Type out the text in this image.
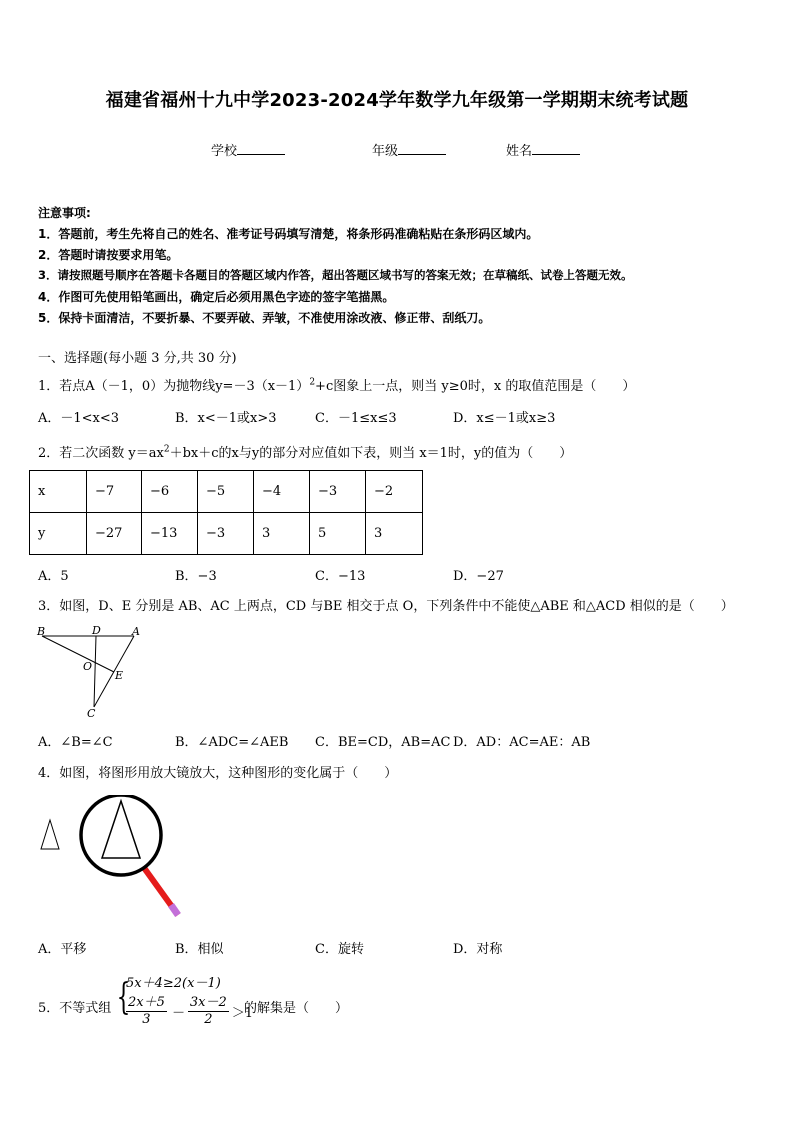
福建省福州十九中学2023-2024学年数学九年级第一学期期末统考试题
学校	年级	姓名
注意事项:
1．答题前，考生先将自己的姓名、准考证号码填写清楚，将条形码准确粘贴在条形码区域内。
2．答题时请按要求用笔。
3．请按照题号顺序在答题卡各题目的答题区域内作答，超出答题区域书写的答案无效；在草稿纸、试卷上答题无效。
4．作图可先使用铅笔画出，确定后必须用黑色字迹的签字笔描黑。
5．保持卡面清洁，不要折暴、不要弄破、弄皱，不准使用涂改液、修正带、刮纸刀。
一、选择题(每小题 3 分,共 30 分)
1．若点A（－1，0）为抛物线$y=-3(x-1)^2+c$图象上一点，则当 y≥0时，x 的取值范围是（　　）
A．－1<x<3	B．x<－1或x>3	C．－1≤x≤3	D．x≤－1或x≥3
2．若二次函数 $y=ax^2+bx+c$的x与y的部分对应值如下表，则当 x＝1时，y的值为（　　）
x	−7	−6	−5	−4	−3	−2
y	−27	−13	−3	3	5	3
A．5	B．−3	C．−13	D．−27
3．如图，D、E 分别是 AB、AC 上两点，CD 与BE 相交于点 O，下列条件中不能使△ABE 和△ACD 相似的是（　　）
B	D	A
O
E
C
A．∠B=∠C	B．∠ADC=∠AEB C．BE=CD，AB=AC D．AD：AC=AE：AB
4．如图，将图形用放大镜放大，这种图形的变化属于（　　）
A．平移	B．相似	C．旋转	D．对称
5．不等式组 {
5x＋4≥2(x－1)
$\frac{2x+5}{3} - \frac{3x-2}{2} >1$
的解集是（　　）
